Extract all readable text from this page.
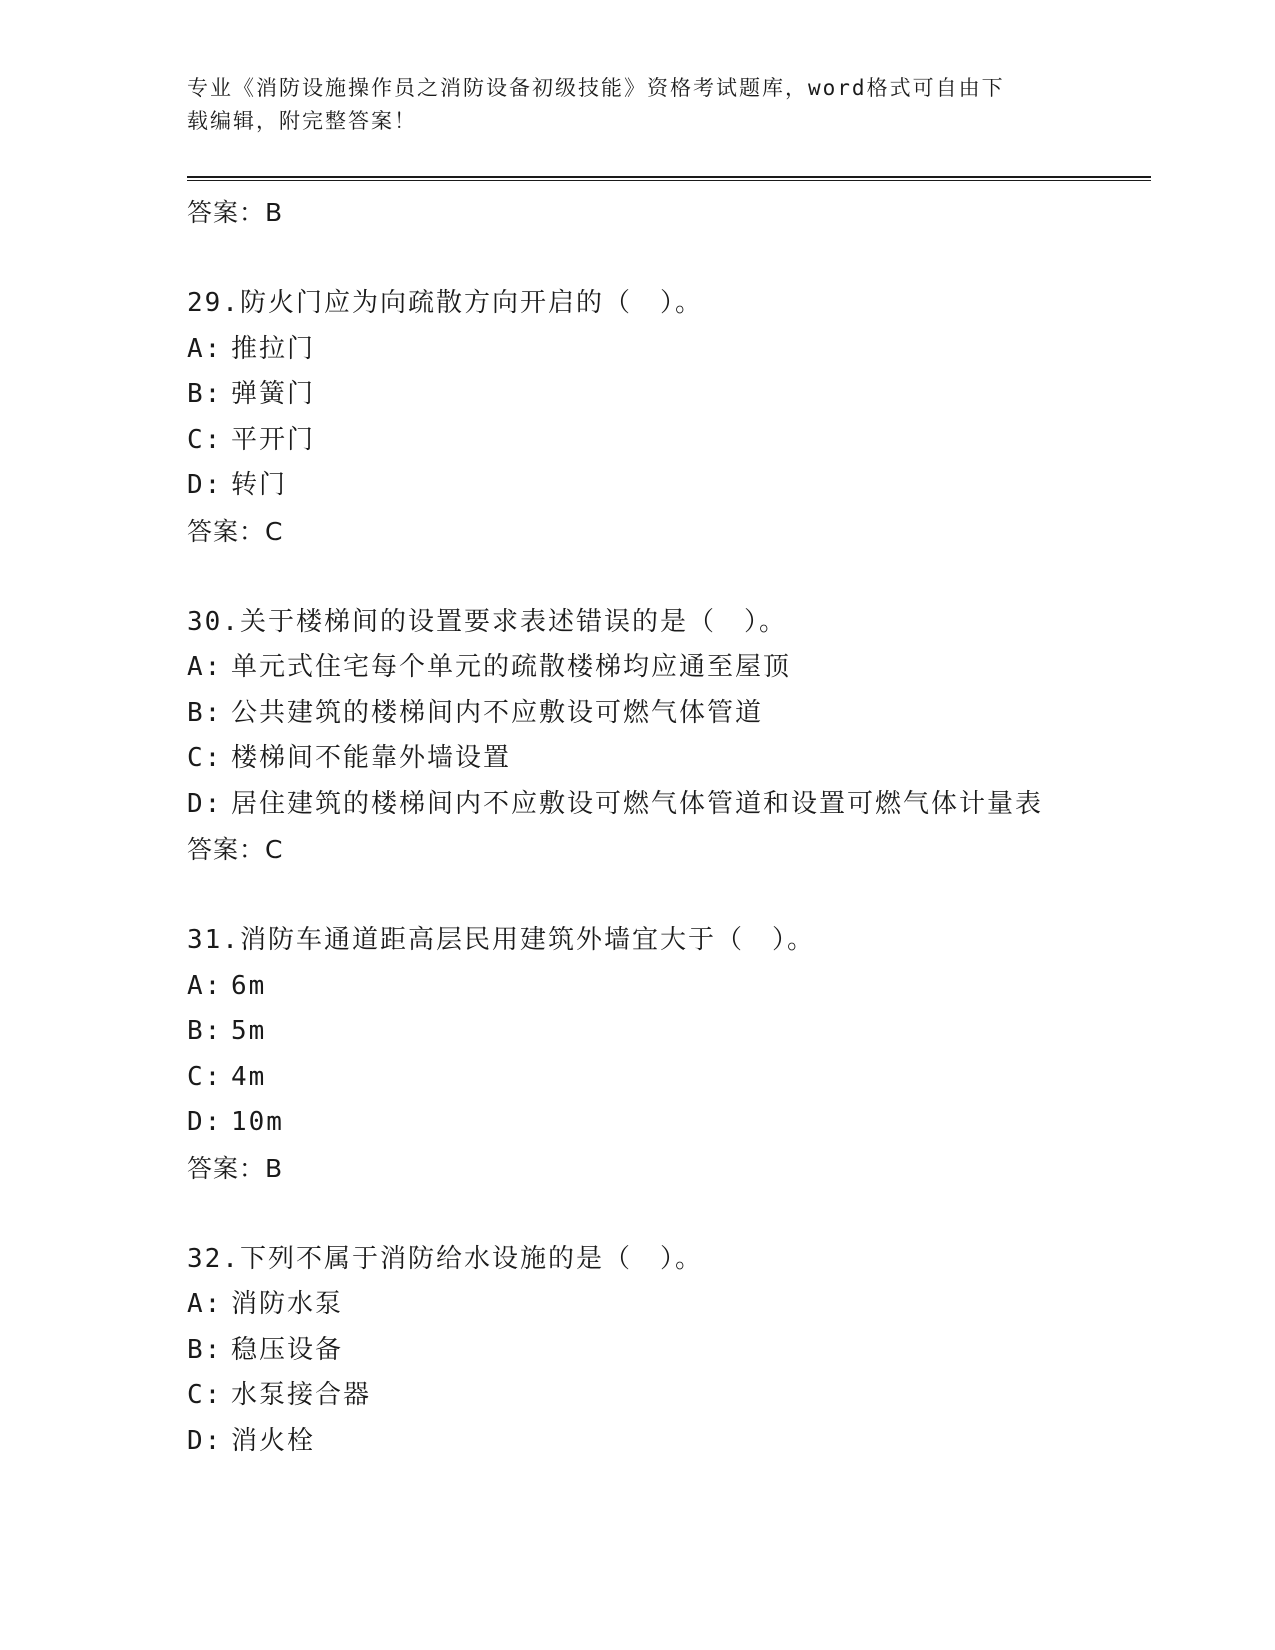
专业《消防设施操作员之消防设备初级技能》资格考试题库，word格式可自由下
载编辑，附完整答案！

答案：B

29.防火门应为向疏散方向开启的（　）。

A: 推拉门

B: 弹簧门

C: 平开门

D: 转门

答案：C

30.关于楼梯间的设置要求表述错误的是（　）。

A: 单元式住宅每个单元的疏散楼梯均应通至屋顶

B: 公共建筑的楼梯间内不应敷设可燃气体管道

C: 楼梯间不能靠外墙设置

D: 居住建筑的楼梯间内不应敷设可燃气体管道和设置可燃气体计量表

答案：C

31.消防车通道距高层民用建筑外墙宜大于（　）。

A: 6m

B: 5m

C: 4m

D: 10m

答案：B

32.下列不属于消防给水设施的是（　）。

A: 消防水泵

B: 稳压设备

C: 水泵接合器

D: 消火栓
